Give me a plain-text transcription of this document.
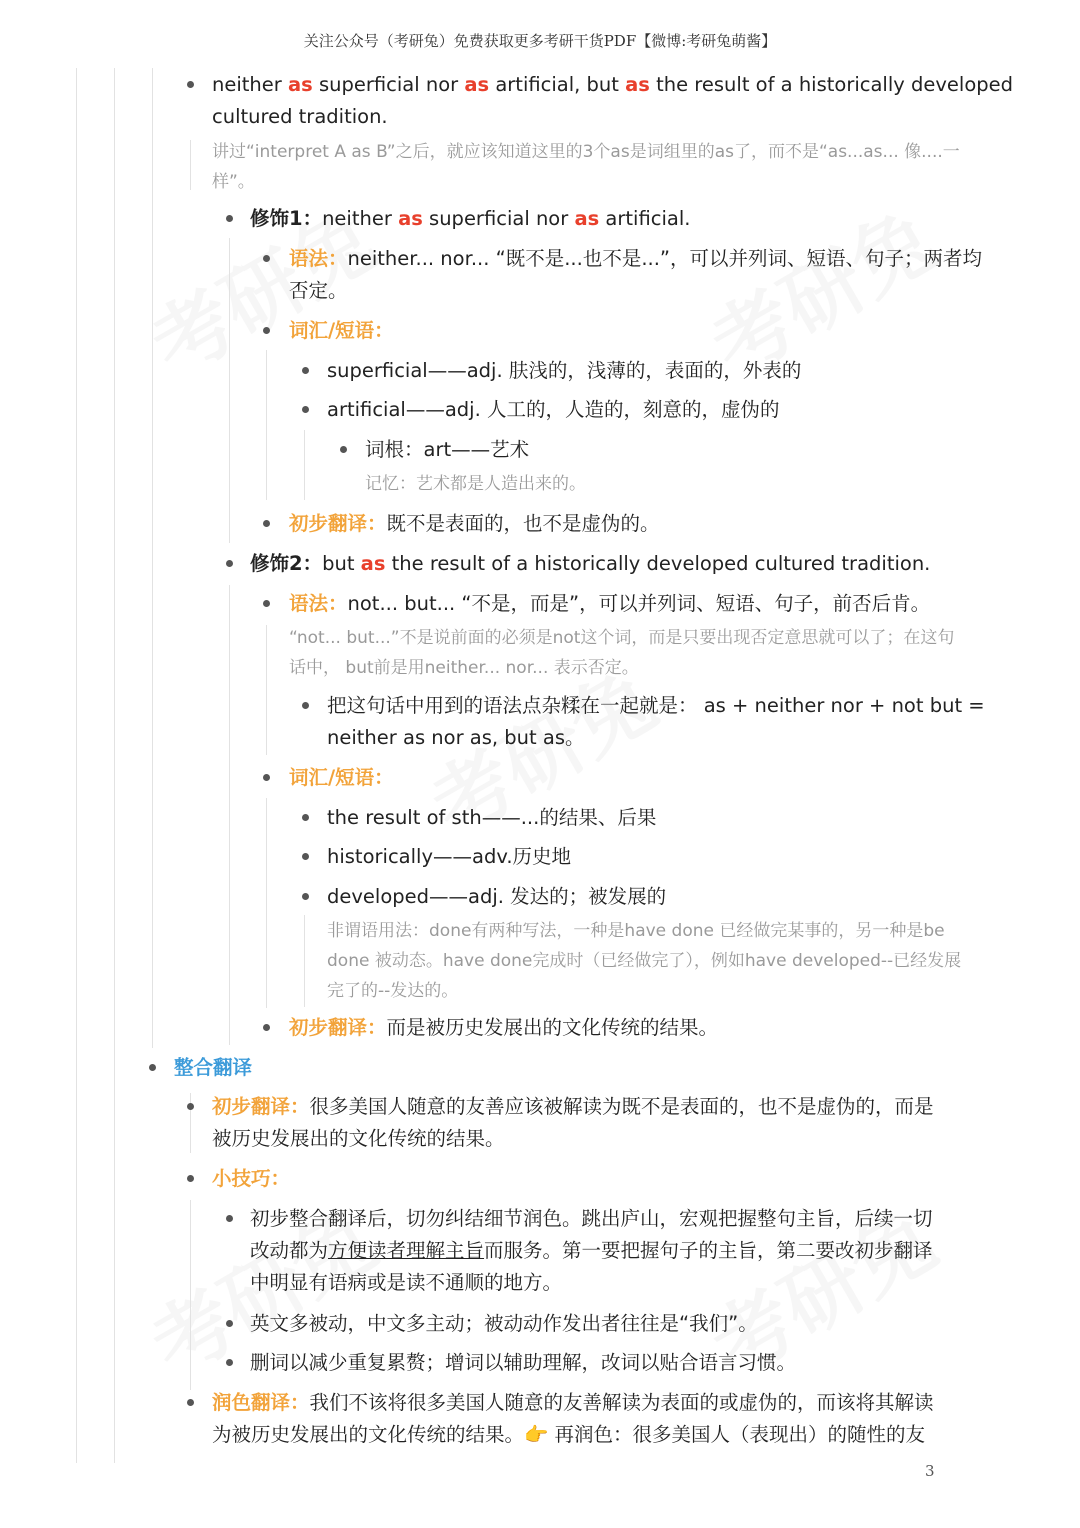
关注公众号（考研兔）免费获取更多考研干货PDF【微博:考研兔萌酱】
neither as superficial nor as artificial, but as the result of a historically developed
cultured tradition.
讲过“interpret A as B”之后，就应该知道这里的3个as是词组里的as了，而不是“as...as... 像....一
样”。
修饰1：neither as superficial nor as artificial.
语法：neither... nor... “既不是...也不是...”，可以并列词、短语、句子；两者均
否定。
词汇/短语：
superficial——adj. 肤浅的，浅薄的，表面的，外表的
artificial——adj. 人工的，人造的，刻意的，虚伪的
词根：art——艺术
记忆：艺术都是人造出来的。
初步翻译：既不是表面的，也不是虚伪的。
修饰2：but as the result of a historically developed cultured tradition.
语法：not... but... “不是，而是”，可以并列词、短语、句子，前否后肯。
“not... but...”不是说前面的必须是not这个词，而是只要出现否定意思就可以了；在这句
话中， but前是用neither... nor... 表示否定。
把这句话中用到的语法点杂糅在一起就是： as + neither nor + not but =
neither as nor as, but as。
词汇/短语：
the result of sth——...的结果、后果
historically——adv.历史地
developed——adj. 发达的；被发展的
非谓语用法：done有两种写法，一种是have done 已经做完某事的，另一种是be
done 被动态。have done完成时（已经做完了），例如have developed--已经发展
完了的--发达的。
初步翻译：而是被历史发展出的文化传统的结果。
整合翻译
初步翻译：很多美国人随意的友善应该被解读为既不是表面的，也不是虚伪的，而是
被历史发展出的文化传统的结果。
小技巧：
初步整合翻译后，切勿纠结细节润色。跳出庐山，宏观把握整句主旨，后续一切
改动都为方便读者理解主旨而服务。第一要把握句子的主旨，第二要改初步翻译
中明显有语病或是读不通顺的地方。
英文多被动，中文多主动；被动动作发出者往往是“我们”。
删词以减少重复累赘；增词以辅助理解，改词以贴合语言习惯。
润色翻译：我们不该将很多美国人随意的友善解读为表面的或虚伪的，而该将其解读
为被历史发展出的文化传统的结果。👉 再润色：很多美国人（表现出）的随性的友
3
